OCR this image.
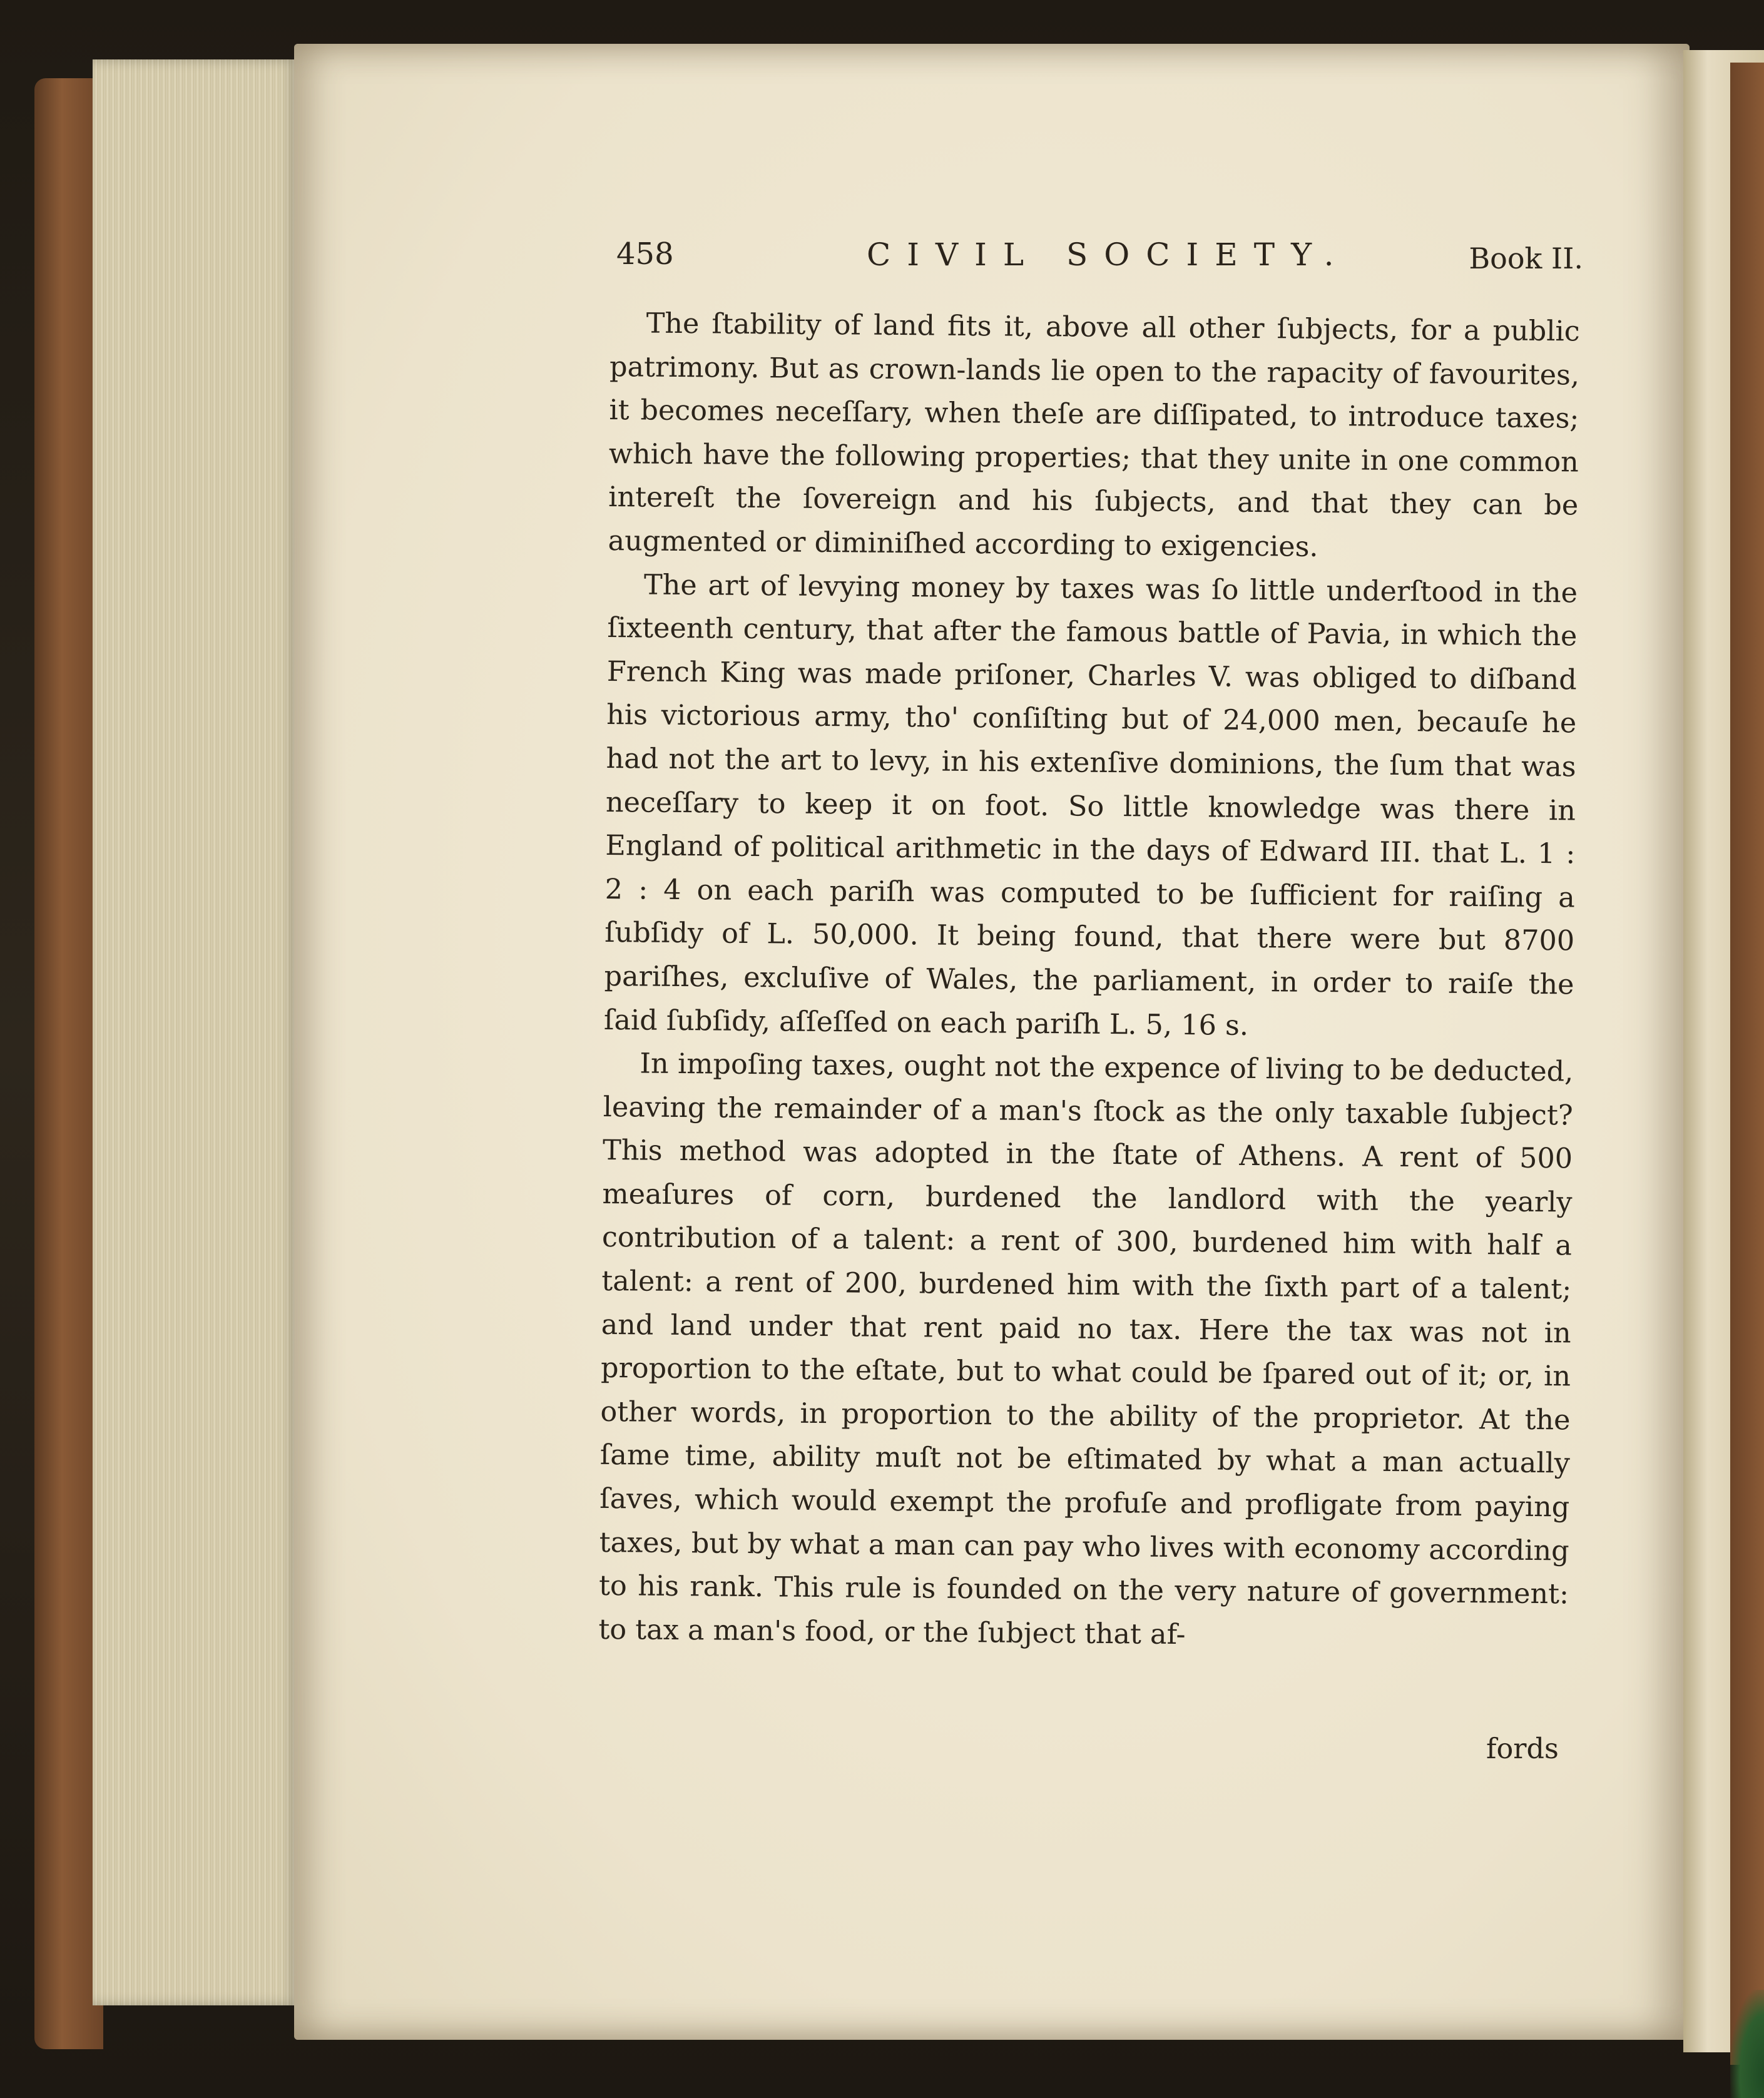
458	CIVIL SOCIETY.	Book II.

The ſtability of land fits it, above all other ſubjects, for a public patrimony. But as crown-lands lie open to the rapacity of favourites, it becomes neceſſary, when theſe are diſſipated, to introduce taxes; which have the following properties; that they unite in one common intereſt the ſovereign and his ſubjects, and that they can be augmented or diminiſhed according to exigencies.

The art of levying money by taxes was ſo little underſtood in the ſixteenth century, that after the famous battle of Pavia, in which the French King was made priſoner, Charles V. was obliged to diſband his victorious army, tho' conſiſting but of 24,000 men, becauſe he had not the art to levy, in his extenſive dominions, the ſum that was neceſſary to keep it on foot. So little knowledge was there in England of political arithmetic in the days of Edward III. that L. 1 : 2 : 4 on each pariſh was computed to be ſufficient for raiſing a ſubſidy of L. 50,000. It being found, that there were but 8700 pariſhes, excluſive of Wales, the parliament, in order to raiſe the ſaid ſubſidy, aſſeſſed on each pariſh L. 5, 16 s.

In impoſing taxes, ought not the expence of living to be deducted, leaving the remainder of a man's ſtock as the only taxable ſubject? This method was adopted in the ſtate of Athens. A rent of 500 meaſures of corn, burdened the landlord with the yearly contribution of a talent: a rent of 300, burdened him with half a talent: a rent of 200, burdened him with the ſixth part of a talent; and land under that rent paid no tax. Here the tax was not in proportion to the eſtate, but to what could be ſpared out of it; or, in other words, in proportion to the ability of the proprietor. At the ſame time, ability muſt not be eſtimated by what a man actually ſaves, which would exempt the profuſe and profligate from paying taxes, but by what a man can pay who lives with economy according to his rank. This rule is founded on the very nature of government: to tax a man's food, or the ſubject that af-

fords
